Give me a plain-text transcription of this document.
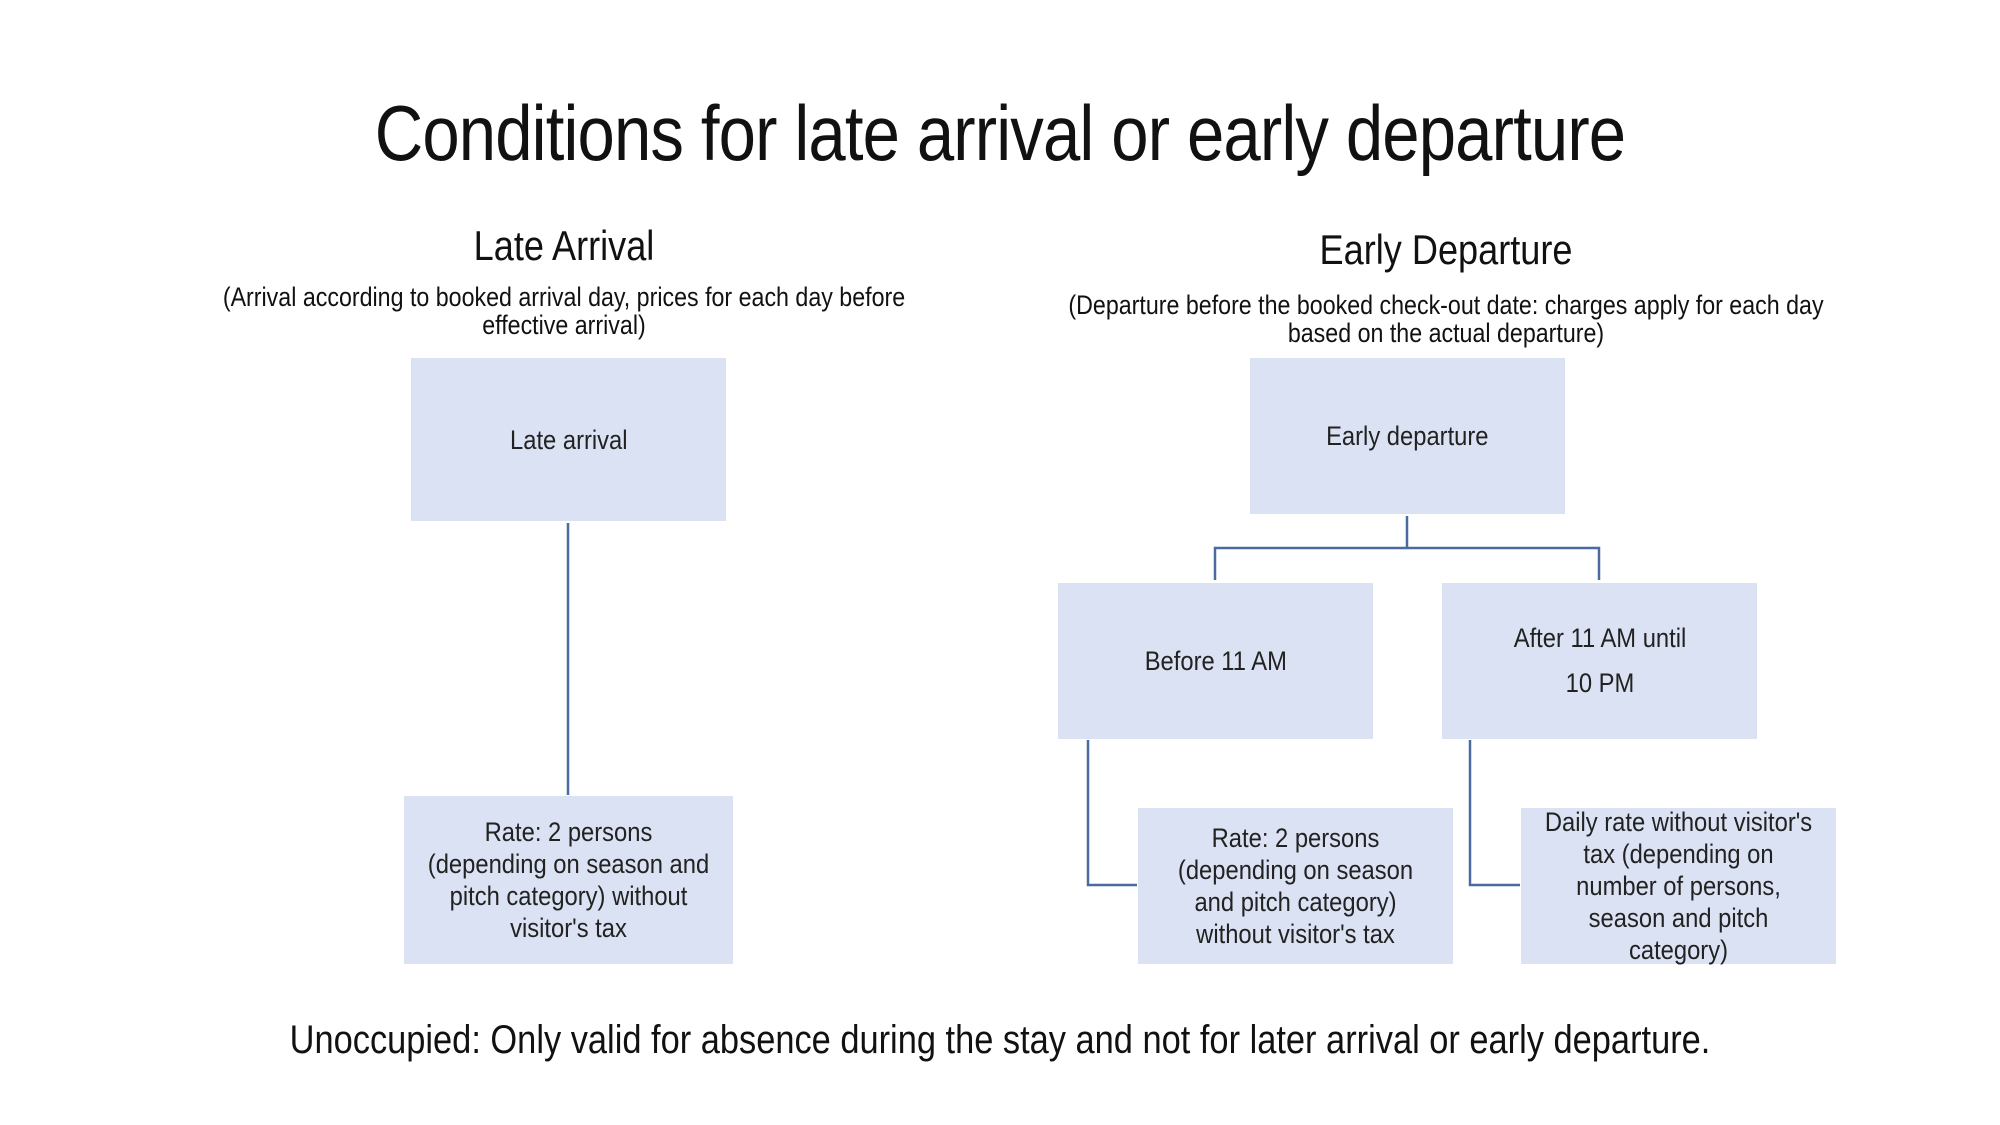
Conditions for late arrival or early departure
Late Arrival
(Arrival according to booked arrival day, prices for each day before effective arrival)
Early Departure
(Departure before the booked check-out date: charges apply for each day based on the actual departure)
Late arrival
Rate: 2 persons (depending on season and pitch category) without visitor's tax
Early departure
Before 11 AM
After 11 AM until 10 PM
Rate: 2 persons (depending on season and pitch category) without visitor's tax
Daily rate without visitor's tax (depending on number of persons, season and pitch category)
Unoccupied: Only valid for absence during the stay and not for later arrival or early departure.
